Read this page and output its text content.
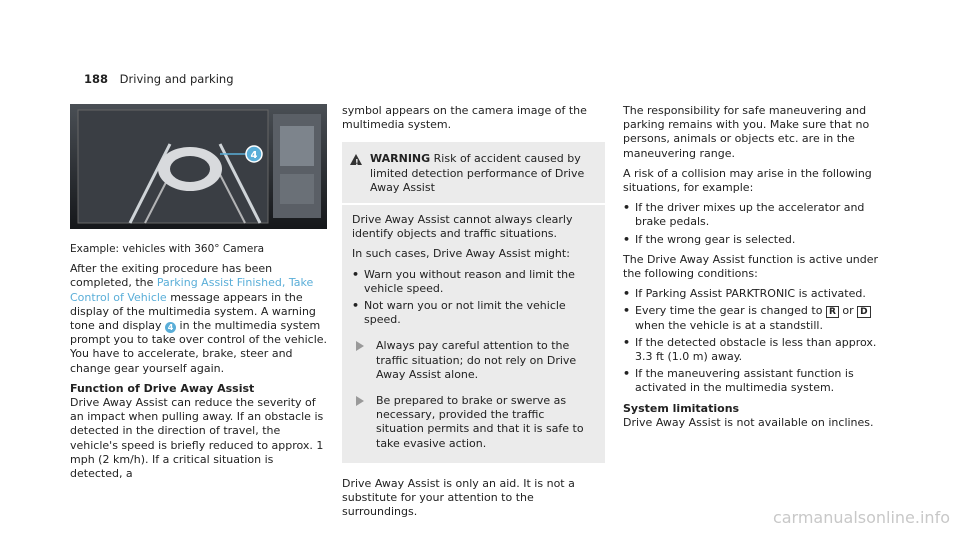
188 Driving and parking
4

Example: vehicles with 360° Camera

After the exiting procedure has been completed, the Parking Assist Finished, Take Control of Vehicle message appears in the display of the multimedia system. A warning tone and display 4 in the multimedia system prompt you to take over control of the vehicle. You have to accelerate, brake, steer and change gear yourself again.

Function of Drive Away Assist

Drive Away Assist can reduce the severity of an impact when pulling away. If an obstacle is detected in the direction of travel, the vehicle's speed is briefly reduced to approx. 1 mph (2 km/h). If a critical situation is detected, a

symbol appears on the camera image of the multimedia system.

! WARNING Risk of accident caused by limited detection performance of Drive Away Assist

Drive Away Assist cannot always clearly identify objects and traffic situations.

In such cases, Drive Away Assist might:

• Warn you without reason and limit the vehicle speed.
• Not warn you or not limit the vehicle speed.
Always pay careful attention to the traffic situation; do not rely on Drive Away Assist alone.
Be prepared to brake or swerve as necessary, provided the traffic situation permits and that it is safe to take evasive action.

Drive Away Assist is only an aid. It is not a substitute for your attention to the surroundings.

The responsibility for safe maneuvering and parking remains with you. Make sure that no persons, animals or objects etc. are in the maneuvering range.

A risk of a collision may arise in the following situations, for example:

• If the driver mixes up the accelerator and brake pedals.
• If the wrong gear is selected.

The Drive Away Assist function is active under the following conditions:

• If Parking Assist PARKTRONIC is activated.
• Every time the gear is changed to R or D when the vehicle is at a standstill.
• If the detected obstacle is less than approx. 3.3 ft (1.0 m) away.
• If the maneuvering assistant function is activated in the multimedia system.
System limitations

Drive Away Assist is not available on inclines.

carmanualsonline.info
